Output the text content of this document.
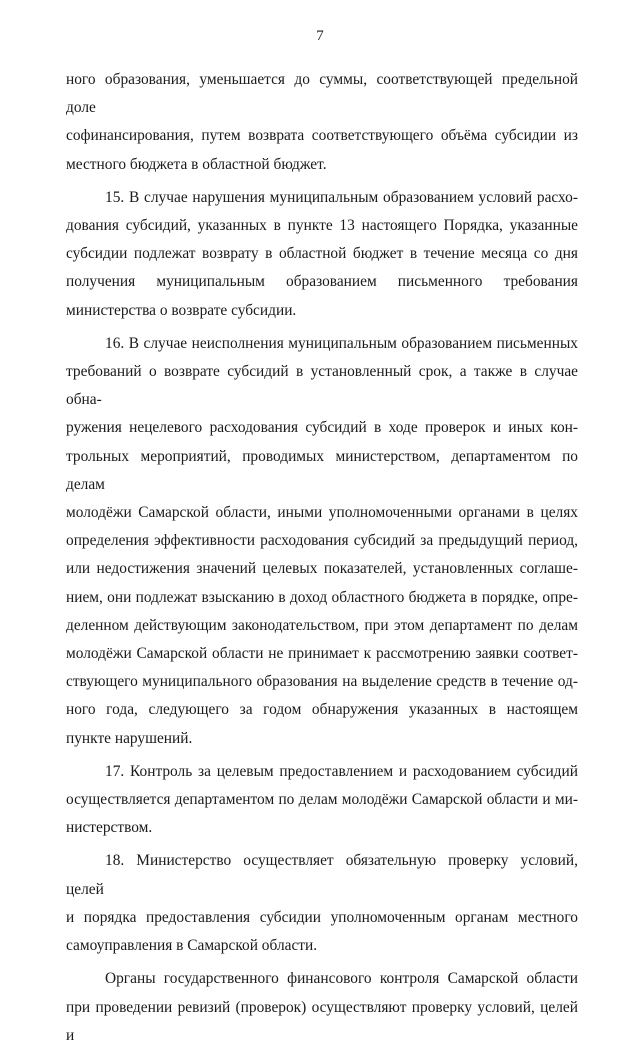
7

ного образования, уменьшается до суммы, соответствующей предельной доле
софинансирования, путем возврата соответствующего объёма субсидии из
местного бюджета в областной бюджет.

15. В случае нарушения муниципальным образованием условий расхо-
дования субсидий, указанных в пункте 13 настоящего Порядка, указанные
субсидии подлежат возврату в областной бюджет в течение месяца со дня
получения муниципальным образованием письменного требования
министерства о возврате субсидии.

16. В случае неисполнения муниципальным образованием письменных
требований о возврате субсидий в установленный срок, а также в случае обна-
ружения нецелевого расходования субсидий в ходе проверок и иных кон-
трольных мероприятий, проводимых министерством, департаментом по делам
молодёжи Самарской области, иными уполномоченными органами в целях
определения эффективности расходования субсидий за предыдущий период,
или недостижения значений целевых показателей, установленных соглаше-
нием, они подлежат взысканию в доход областного бюджета в порядке, опре-
деленном действующим законодательством, при этом департамент по делам
молодёжи Самарской области не принимает к рассмотрению заявки соответ-
ствующего муниципального образования на выделение средств в течение од-
ного года, следующего за годом обнаружения указанных в настоящем
пункте нарушений.

17. Контроль за целевым предоставлением и расходованием субсидий
осуществляется департаментом по делам молодёжи Самарской области и ми-
нистерством.

18. Министерство осуществляет обязательную проверку условий, целей
и порядка предоставления субсидии уполномоченным органам местного
самоуправления в Самарской области.

Органы государственного финансового контроля Самарской области
при проведении ревизий (проверок) осуществляют проверку условий, целей и
